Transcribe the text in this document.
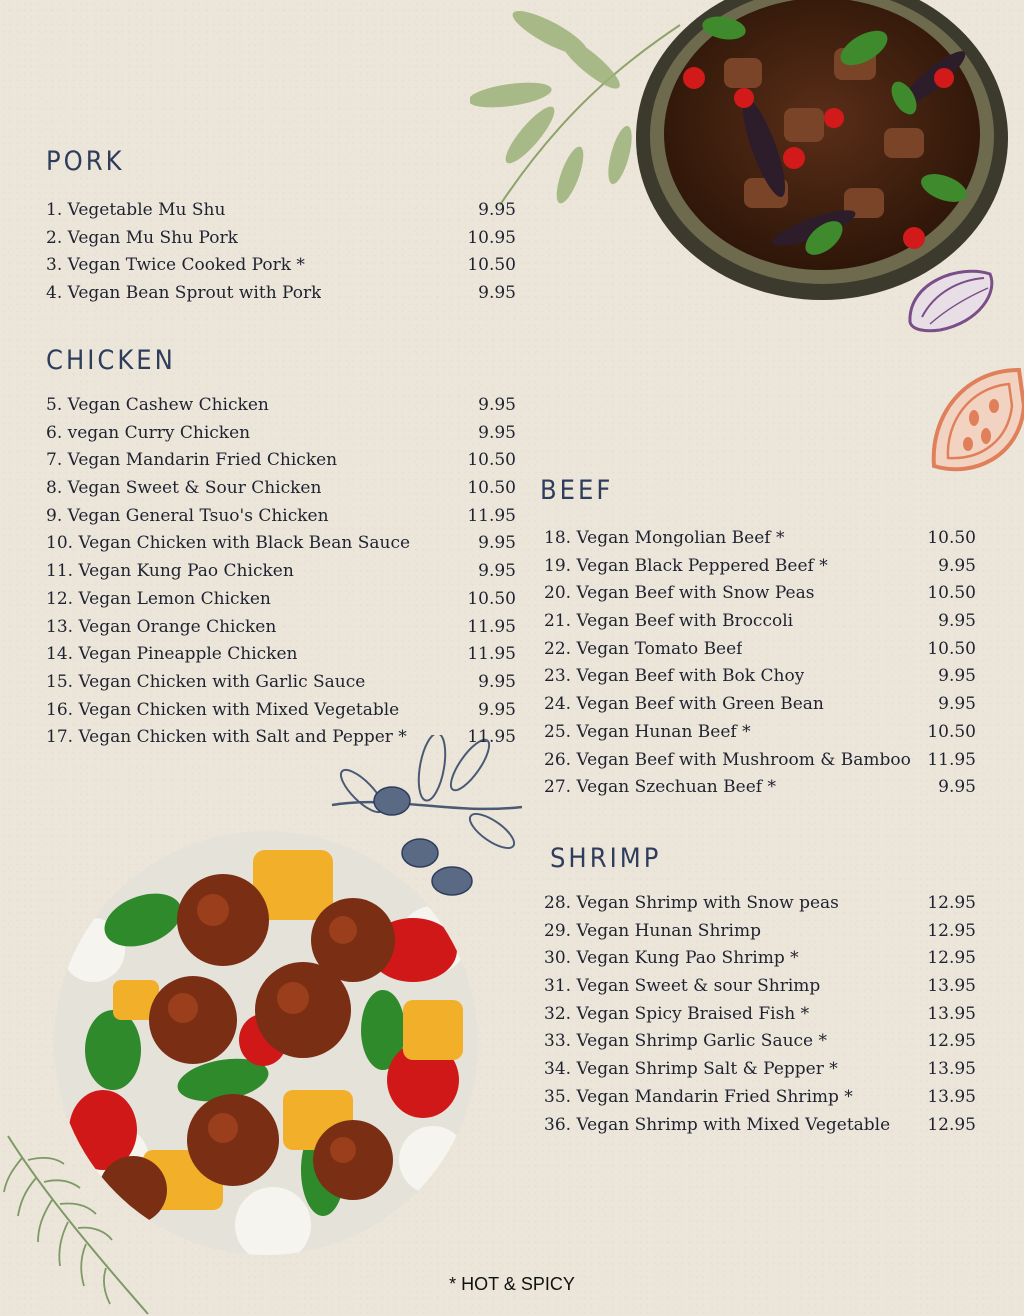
PORK
1. Vegetable Mu Shu	9.95
2. Vegan Mu Shu Pork	10.95
3. Vegan Twice Cooked Pork *	10.50
4. Vegan Bean Sprout with Pork	9.95
CHICKEN
5. Vegan Cashew Chicken	9.95
6. vegan Curry Chicken	9.95
7. Vegan Mandarin Fried Chicken	10.50
8. Vegan Sweet & Sour Chicken	10.50
9. Vegan General Tsuo's Chicken	11.95
10. Vegan Chicken with Black Bean Sauce	9.95
11. Vegan Kung Pao Chicken	9.95
12. Vegan Lemon Chicken	10.50
13. Vegan Orange Chicken	11.95
14. Vegan Pineapple Chicken	11.95
15. Vegan Chicken with Garlic Sauce	9.95
16. Vegan Chicken with Mixed Vegetable	9.95
17. Vegan Chicken with Salt and Pepper *	11.95
BEEF
18. Vegan Mongolian Beef *	10.50
19. Vegan Black Peppered Beef *	9.95
20. Vegan Beef with Snow Peas	10.50
21. Vegan Beef with Broccoli	9.95
22. Vegan Tomato Beef	10.50
23. Vegan Beef with Bok Choy	9.95
24. Vegan Beef with Green Bean	9.95
25. Vegan Hunan Beef *	10.50
26. Vegan Beef with Mushroom & Bamboo 11.95
27. Vegan Szechuan Beef *	9.95
SHRIMP
28. Vegan Shrimp with Snow peas	12.95
29. Vegan Hunan Shrimp	12.95
30. Vegan Kung Pao Shrimp *	12.95
31. Vegan Sweet & sour Shrimp	13.95
32. Vegan Spicy Braised Fish *	13.95
33. Vegan Shrimp Garlic Sauce *	12.95
34. Vegan Shrimp Salt & Pepper *	13.95
35. Vegan Mandarin Fried Shrimp *	13.95
36. Vegan Shrimp with Mixed Vegetable 12.95
* HOT & SPICY
